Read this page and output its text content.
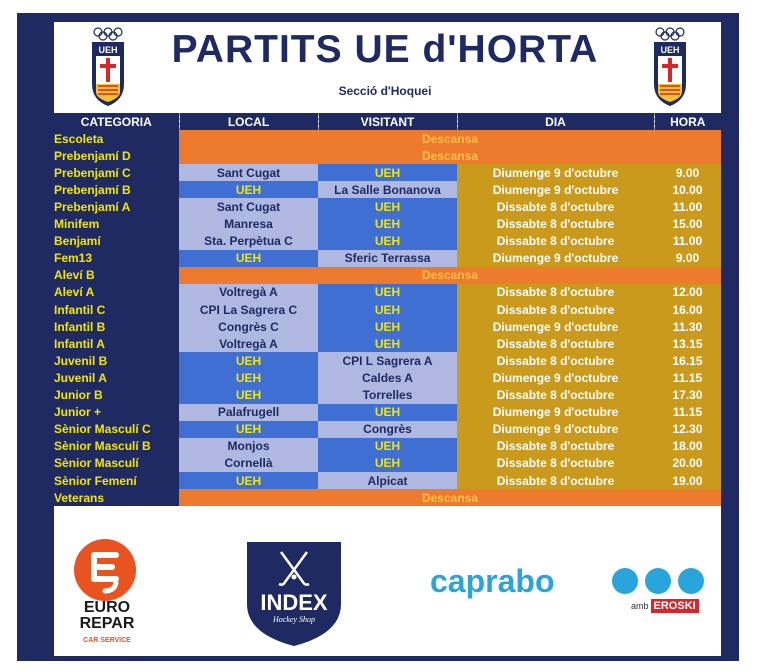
UEH	UEH
PARTITS UE d'HORTA
Secció d'Hoquei
CATEGORIA	LOCAL	VISITANT	DIA	HORA
Escoleta	Descansa			
Prebenjamí D	Descansa			
Prebenjamí C	Sant Cugat	UEH	Diumenge 9 d'octubre	9.00
Prebenjamí B	UEH	La Salle Bonanova	Diumenge 9 d'octubre	10.00
Prebenjamí A	Sant Cugat	UEH	Dissabte 8 d'octubre	11.00
Minifem	Manresa	UEH	Dissabte 8 d'octubre	15.00
Benjamí	Sta. Perpètua C	UEH	Dissabte 8 d'octubre	11.00
Fem13	UEH	Sferic Terrassa	Diumenge 9 d'octubre	9.00
Aleví B	Descansa			
Aleví A	Voltregà A	UEH	Dissabte 8 d'octubre	12.00
Infantil C	CPI La Sagrera C	UEH	Dissabte 8 d'octubre	16.00
Infantil B	Congrès C	UEH	Diumenge 9 d'octubre	11.30
Infantil A	Voltregà A	UEH	Dissabte 8 d'octubre	13.15
Juvenil B	UEH	CPI L Sagrera A	Dissabte 8 d'octubre	16.15
Juvenil A	UEH	Caldes A	Diumenge 9 d'octubre	11.15
Junior B	UEH	Torrelles	Dissabte 8 d'octubre	17.30
Junior +	Palafrugell	UEH	Diumenge 9 d'octubre	11.15
Sènior Masculí C	UEH	Congrès	Diumenge 9 d'octubre	12.30
Sènior Masculí B	Monjos	UEH	Dissabte 8 d'octubre	18.00
Sènior Masculí	Cornellà	UEH	Dissabte 8 d'octubre	20.00
Sènior Femení	UEH	Alpicat	Dissabte 8 d'octubre	19.00
Veterans	Descansa			
EURO
REPAR
CAR SERVICE
INDEX
Hockey Shop
caprabo
amb EROSKI
